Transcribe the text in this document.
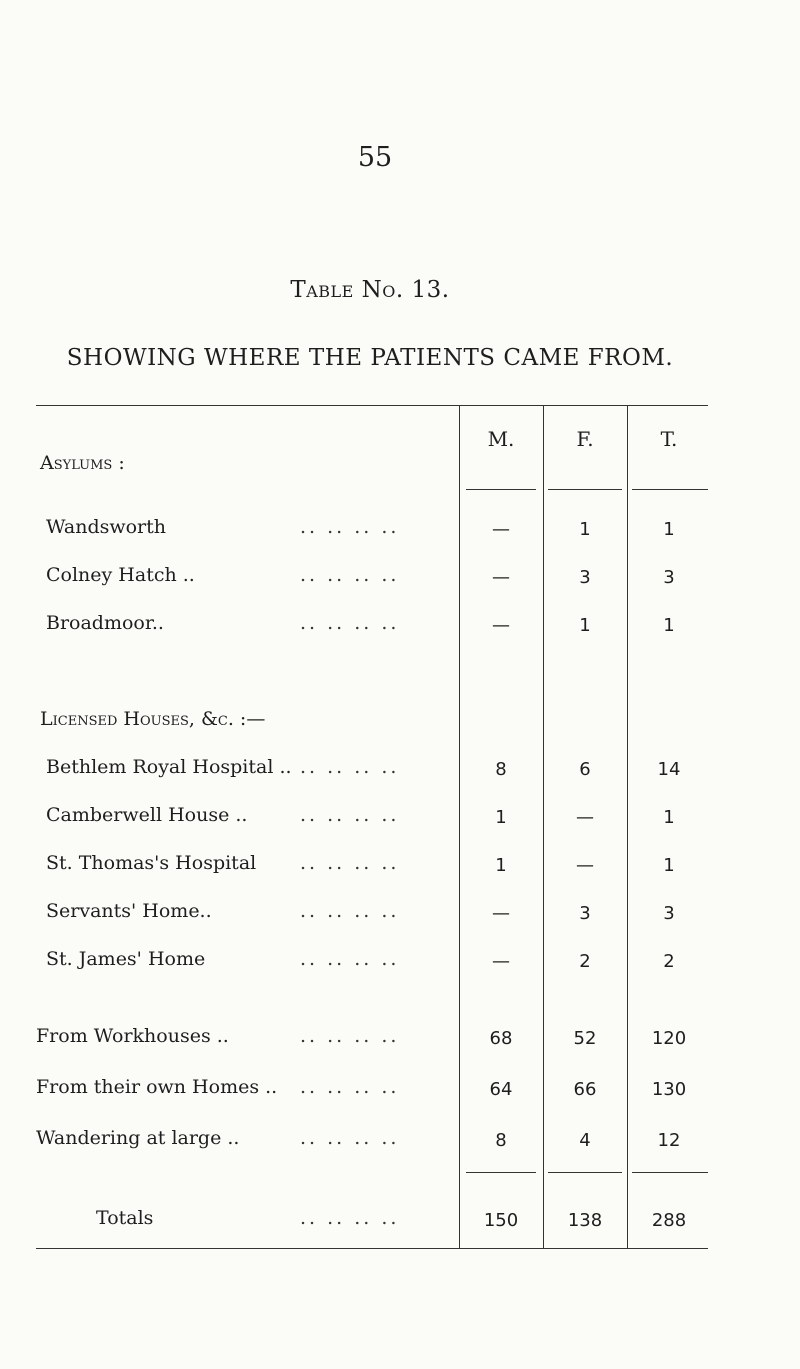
55
Table No. 13.
SHOWING WHERE THE PATIENTS CAME FROM.
M.	F.	T.
Asylums :
Licensed Houses, &c. :—
Wandsworth	.. .. .. ..	—	1	1
Colney Hatch ..	.. .. .. ..	—	3	3
Broadmoor..	.. .. .. ..	—	1	1
Bethlem Royal Hospital .. .. .. .. ..	8	6	14
Camberwell House ..	.. .. .. ..	1	—	1
St. Thomas's Hospital .. .. .. ..	1	—	1
Servants' Home..	.. .. .. ..	—	3	3
St. James' Home	.. .. .. ..	—	2	2
From Workhouses ..	.. .. .. ..	68	52	120
From their own Homes .. .. .. .. ..	64	66	130
Wandering at large ..	.. .. .. ..	8	4	12
Totals	.. .. .. ..	150	138	288
